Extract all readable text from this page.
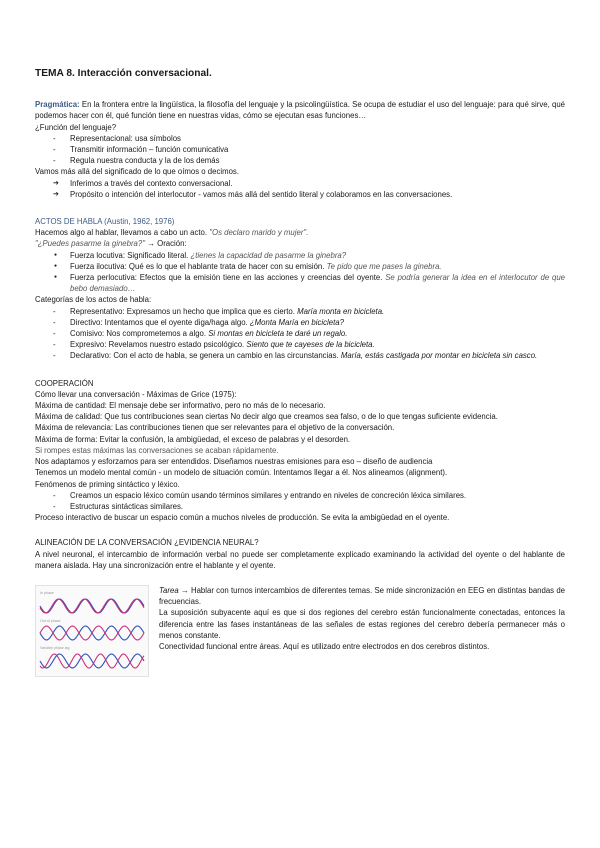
TEMA 8. Interacción conversacional.

Pragmática: En la frontera entre la lingüística, la filosofía del lenguaje y la psicolingüística. Se ocupa de estudiar el uso del lenguaje: para qué sirve, qué podemos hacer con él, qué función tiene en nuestras vidas, cómo se ejecutan esas funciones…

¿Función del lenguaje?

- Representacional: usa símbolos
- Transmitir información – función comunicativa
- Regula nuestra conducta y la de los demás

Vamos más allá del significado de lo que oímos o decimos.

➔ Inferimos a través del contexto conversacional.
➔ Propósito o intención del interlocutor - vamos más allá del sentido literal y colaboramos en las conversaciones.

ACTOS DE HABLA (Austin, 1962, 1976)

Hacemos algo al hablar, llevamos a cabo un acto. "Os declaro marido y mujer".

"¿Puedes pasarme la ginebra?" → Oración:

● Fuerza locutiva: Significado literal. ¿tienes la capacidad de pasarme la ginebra?
● Fuerza ilocutiva: Qué es lo que el hablante trata de hacer con su emisión. Te pido que me pases la ginebra.
● Fuerza perlocutiva: Efectos que la emisión tiene en las acciones y creencias del oyente. Se podría generar la idea en el interlocutor de que bebo demasiado…

Categorías de los actos de habla:

- Representativo: Expresamos un hecho que implica que es cierto. María monta en bicicleta.
- Directivo: Intentamos que el oyente diga/haga algo. ¿Monta María en bicicleta?
- Comisivo: Nos comprometemos a algo. Si montas en bicicleta te daré un regalo.
- Expresivo: Revelamos nuestro estado psicológico. Siento que te cayeses de la bicicleta.
- Declarativo: Con el acto de habla, se genera un cambio en las circunstancias. María, estás castigada por montar en bicicleta sin casco.

COOPERACIÓN

Cómo llevar una conversación - Máximas de Grice (1975):

Máxima de cantidad: El mensaje debe ser informativo, pero no más de lo necesario.

Máxima de calidad: Que tus contribuciones sean ciertas No decir algo que creamos sea falso, o de lo que tengas suficiente evidencia.

Máxima de relevancia: Las contribuciones tienen que ser relevantes para el objetivo de la conversación.

Máxima de forma: Evitar la confusión, la ambigüedad, el exceso de palabras y el desorden.

Si rompes estas máximas las conversaciones se acaban rápidamente.

Nos adaptamos y esforzamos para ser entendidos. Diseñamos nuestras emisiones para eso – diseño de audiencia

Tenemos un modelo mental común - un modelo de situación común. Intentamos llegar a él. Nos alineamos (alignment).

Fenómenos de priming sintáctico y léxico.

- Creamos un espacio léxico común usando términos similares y entrando en niveles de concreción léxica similares.
- Estructuras sintácticas similares.

Proceso interactivo de buscar un espacio común a muchos niveles de producción. Se evita la ambigüedad en el oyente.

ALINEACIÓN DE LA CONVERSACIÓN ¿EVIDENCIA NEURAL?

A nivel neuronal, el intercambio de información verbal no puede ser completamente explicado examinando la actividad del oyente o del hablante de manera aislada. Hay una sincronización entre el hablante y el oyente.

In phase
Out of phase
Variable phase lag

Tarea → Hablar con turnos intercambios de diferentes temas. Se mide sincronización en EEG en distintas bandas de frecuencias.

La suposición subyacente aquí es que si dos regiones del cerebro están funcionalmente conectadas, entonces la diferencia entre las fases instantáneas de las señales de estas regiones del cerebro debería permanecer más o menos constante.

Conectividad funcional entre áreas. Aquí es utilizado entre electrodos en dos cerebros distintos.
